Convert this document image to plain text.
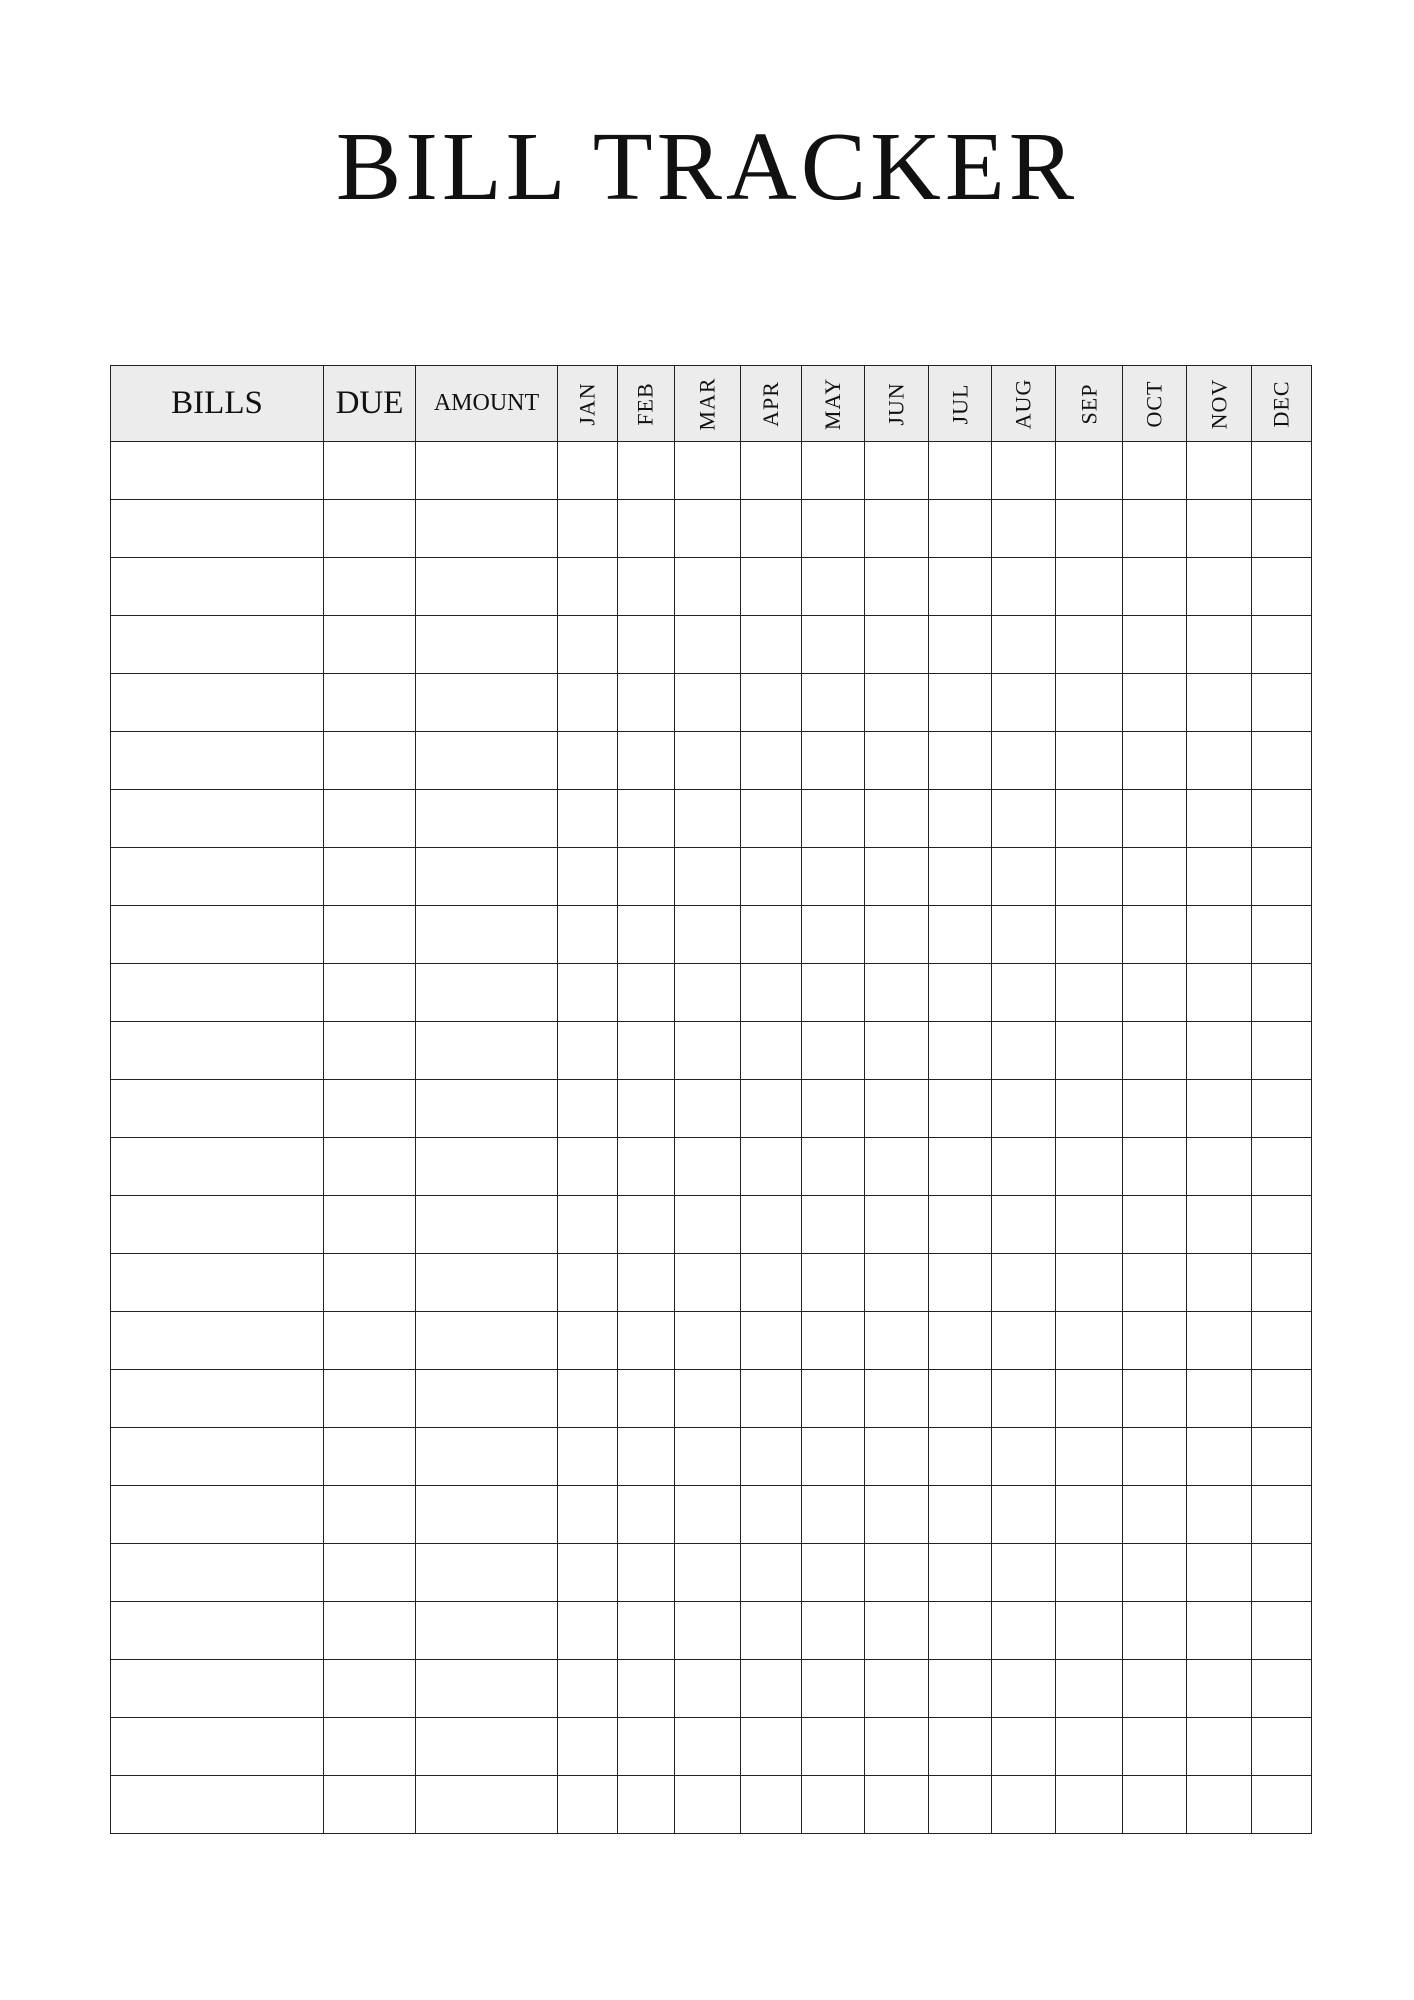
BILL TRACKER
BILLS	DUE	AMOUNT	JAN	FEB	MAR	APR	MAY	JUN	JUL	AUG	SEP	OCT	NOV	DEC
